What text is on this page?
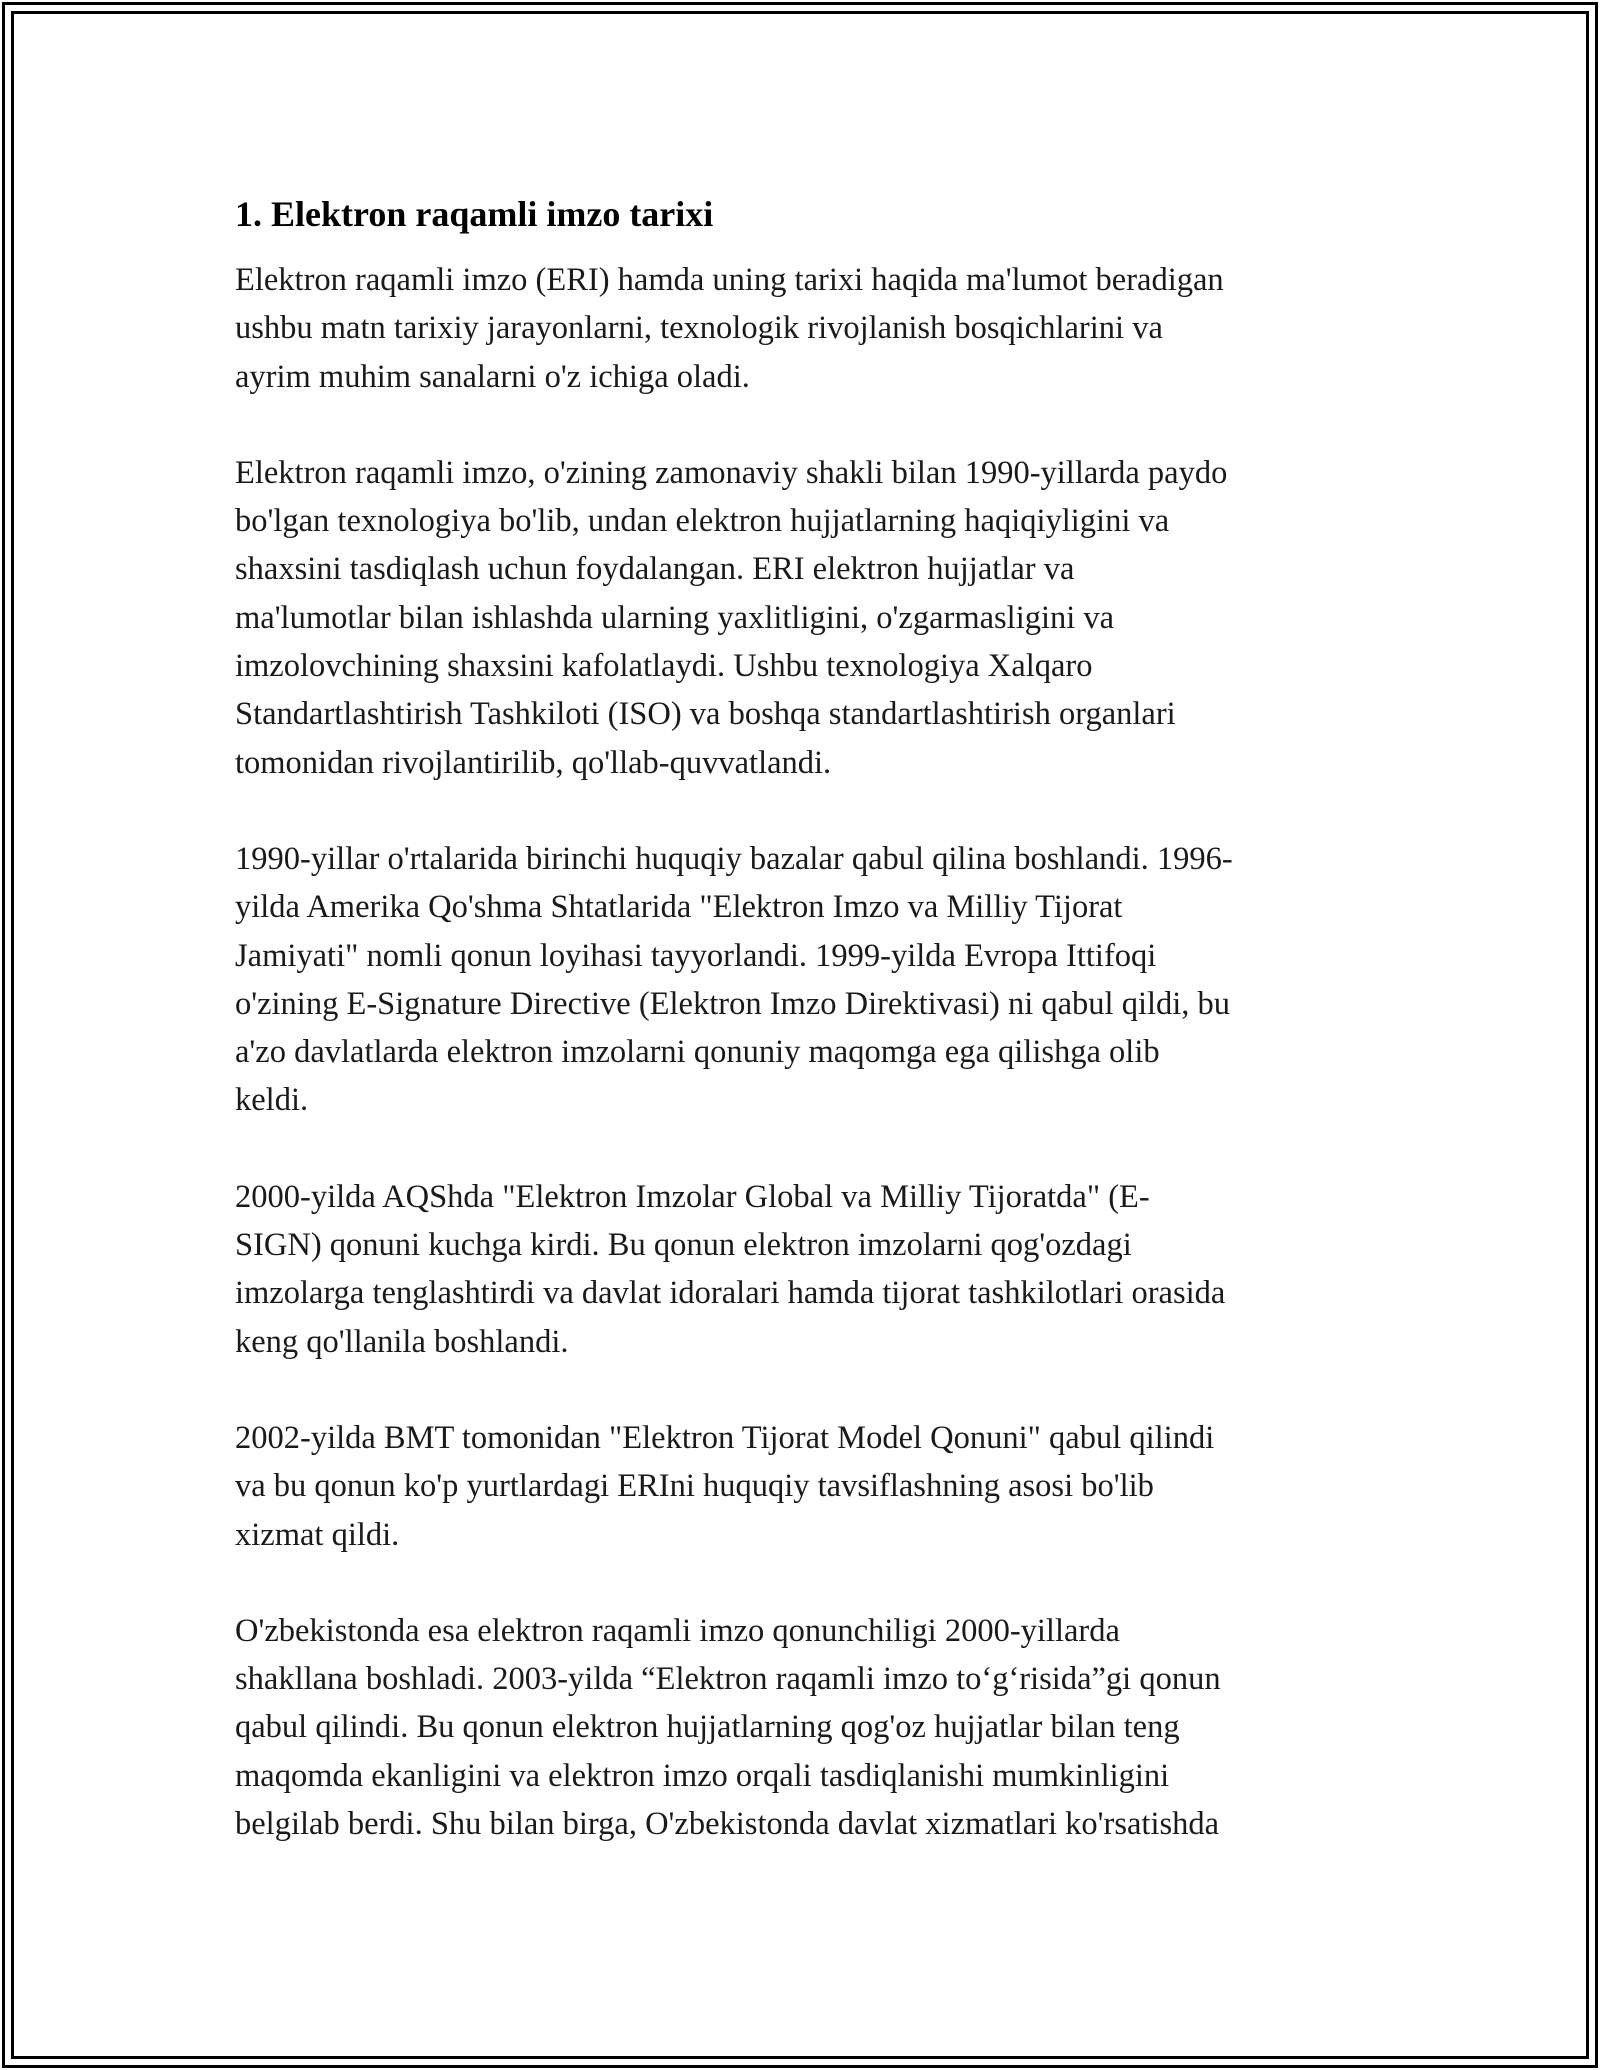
1. Elektron raqamli imzo tarixi

Elektron raqamli imzo (ERI) hamda uning tarixi haqida ma'lumot beradigan
ushbu matn tarixiy jarayonlarni, texnologik rivojlanish bosqichlarini va
ayrim muhim sanalarni o'z ichiga oladi.

Elektron raqamli imzo, o'zining zamonaviy shakli bilan 1990-yillarda paydo
bo'lgan texnologiya bo'lib, undan elektron hujjatlarning haqiqiyligini va
shaxsini tasdiqlash uchun foydalangan. ERI elektron hujjatlar va
ma'lumotlar bilan ishlashda ularning yaxlitligini, o'zgarmasligini va
imzolovchining shaxsini kafolatlaydi. Ushbu texnologiya Xalqaro
Standartlashtirish Tashkiloti (ISO) va boshqa standartlashtirish organlari
tomonidan rivojlantirilib, qo'llab-quvvatlandi.

1990-yillar o'rtalarida birinchi huquqiy bazalar qabul qilina boshlandi. 1996-
yilda Amerika Qo'shma Shtatlarida "Elektron Imzo va Milliy Tijorat
Jamiyati" nomli qonun loyihasi tayyorlandi. 1999-yilda Evropa Ittifoqi
o'zining E-Signature Directive (Elektron Imzo Direktivasi) ni qabul qildi, bu
a'zo davlatlarda elektron imzolarni qonuniy maqomga ega qilishga olib
keldi.

2000-yilda AQShda "Elektron Imzolar Global va Milliy Tijoratda" (E-
SIGN) qonuni kuchga kirdi. Bu qonun elektron imzolarni qog'ozdagi
imzolarga tenglashtirdi va davlat idoralari hamda tijorat tashkilotlari orasida
keng qo'llanila boshlandi.

2002-yilda BMT tomonidan "Elektron Tijorat Model Qonuni" qabul qilindi
va bu qonun ko'p yurtlardagi ERIni huquqiy tavsiflashning asosi bo'lib
xizmat qildi.

O'zbekistonda esa elektron raqamli imzo qonunchiligi 2000-yillarda
shakllana boshladi. 2003-yilda “Elektron raqamli imzo to‘g‘risida”gi qonun
qabul qilindi. Bu qonun elektron hujjatlarning qog'oz hujjatlar bilan teng
maqomda ekanligini va elektron imzo orqali tasdiqlanishi mumkinligini
belgilab berdi. Shu bilan birga, O'zbekistonda davlat xizmatlari ko'rsatishda
